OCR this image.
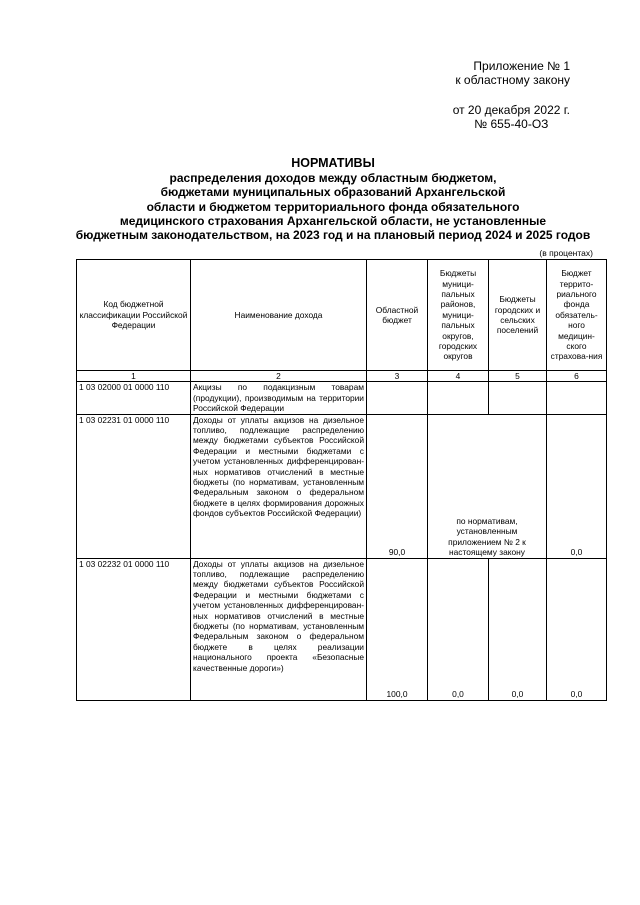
Приложение № 1
к областному закону
от 20 декабря 2022 г.
№ 655-40-ОЗ
НОРМАТИВЫ
распределения доходов между областным бюджетом,
бюджетами муниципальных образований Архангельской
области и бюджетом территориального фонда обязательного
медицинского страхования Архангельской области, не установленные
бюджетным законодательством, на 2023 год и на плановый период 2024 и 2025 годов
(в процентах)
Код бюджетной классификации Российской Федерации	Наименование дохода	Областной бюджет	Бюджеты муници-пальных районов, муници-пальных округов, городских округов	Бюджеты городских и сельских поселений	Бюджет террито-риального фонда обязатель-ного медицин-ского страхова-ния
1	2	3	4	5	6
1 03 02000 01 0000 110	Акцизы по подакцизным товарам (продукции), производимым на территории Российской Федерации				
1 03 02231 01 0000 110	Доходы от уплаты акцизов на дизельное топливо, подлежащие распределению между бюджетами субъектов Российской Федерации и местными бюджетами с учетом установленных дифференцирован-ных нормативов отчислений в местные бюджеты (по нормативам, установленным Федеральным законом о федеральном бюджете в целях формирования дорожных фондов субъектов Российской Федерации)	90,0	по нормативам, установленным приложением № 2 к настоящему закону		0,0
1 03 02232 01 0000 110	Доходы от уплаты акцизов на дизельное топливо, подлежащие распределению между бюджетами субъектов Российской Федерации и местными бюджетами с учетом установленных дифференцирован-ных нормативов отчислений в местные бюджеты (по нормативам, установленным Федеральным законом о федеральном бюджете в целях реализации национального проекта «Безопасные качественные дороги»)	100,0	0,0	0,0	0,0
